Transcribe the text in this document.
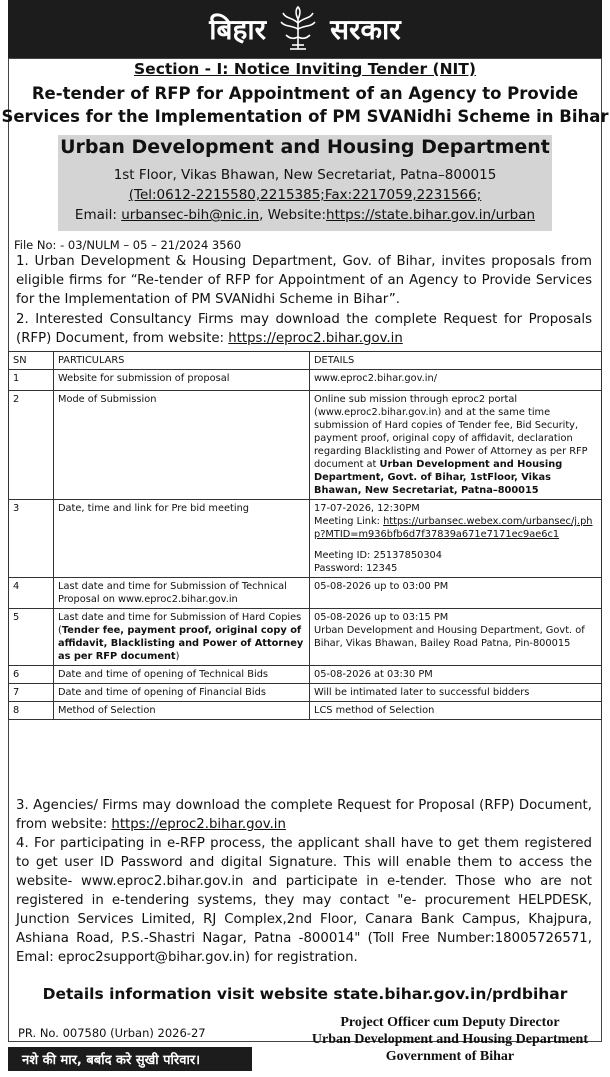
बिहार सरकार
Section - I: Notice Inviting Tender (NIT)
Re-tender of RFP for Appointment of an Agency to Provide
Services for the Implementation of PM SVANidhi Scheme in Bihar
Urban Development and Housing Department
1st Floor, Vikas Bhawan, New Secretariat, Patna–800015
(Tel:0612-2215580,2215385;Fax:2217059,2231566;
Email: urbansec-bih@nic.in, Website:https://state.bihar.gov.in/urban
File No: - 03/NULM – 05 – 21/2024 3560
1. Urban Development & Housing Department, Gov. of Bihar, invites proposals from eligible firms for “Re-tender of RFP for Appointment of an Agency to Provide Services for the Implementation of PM SVANidhi Scheme in Bihar”.
2. Interested Consultancy Firms may download the complete Request for Proposals (RFP) Document, from website: https://eproc2.bihar.gov.in
SN	PARTICULARS	DETAILS
1	Website for submission of proposal	www.eproc2.bihar.gov.in/
2	Mode of Submission	Online sub mission through eproc2 portal (www.eproc2.bihar.gov.in) and at the same time submission of Hard copies of Tender fee, Bid Security, payment proof, original copy of affidavit, declaration regarding Blacklisting and Power of Attorney as per RFP document at Urban Development and Housing Department, Govt. of Bihar, 1stFloor, Vikas Bhawan, New Secretariat, Patna–800015
3	Date, time and link for Pre bid meeting	17-07-2026, 12:30PM
Meeting Link: https://urbansec.webex.com/urbansec/j.php?MTID=m936bfb6d7f37839a671e7171ec9ae6c1
Meeting ID: 25137850304
Password: 12345

4	Last date and time for Submission of Technical Proposal on www.eproc2.bihar.gov.in	05-08-2026 up to 03:00 PM
5	Last date and time for Submission of Hard Copies (Tender fee, payment proof, original copy of affidavit, Blacklisting and Power of Attorney as per RFP document)	05-08-2026 up to 03:15 PM
Urban Development and Housing Department, Govt. of Bihar, Vikas Bhawan, Bailey Road Patna, Pin-800015

6	Date and time of opening of Technical Bids	05-08-2026 at 03:30 PM
7	Date and time of opening of Financial Bids	Will be intimated later to successful bidders
8	Method of Selection	LCS method of Selection
3. Agencies/ Firms may download the complete Request for Proposal (RFP) Document, from website: https://eproc2.bihar.gov.in
4. For participating in e-RFP process, the applicant shall have to get them registered to get user ID Password and digital Signature. This will enable them to access the website- www.eproc2.bihar.gov.in and participate in e-tender. Those who are not registered in e-tendering systems, they may contact "e- procurement HELPDESK, Junction Services Limited, RJ Complex,2nd Floor, Canara Bank Campus, Khajpura, Ashiana Road, P.S.-Shastri Nagar, Patna -800014" (Toll Free Number:18005726571, Emal: eproc2support@bihar.gov.in) for registration.
Details information visit website state.bihar.gov.in/prdbihar
PR. No. 007580 (Urban) 2026-27
Project Officer cum Deputy Director
Urban Development and Housing Department
Government of Bihar
नशे की मार, बर्बाद करे सुखी परिवार।
